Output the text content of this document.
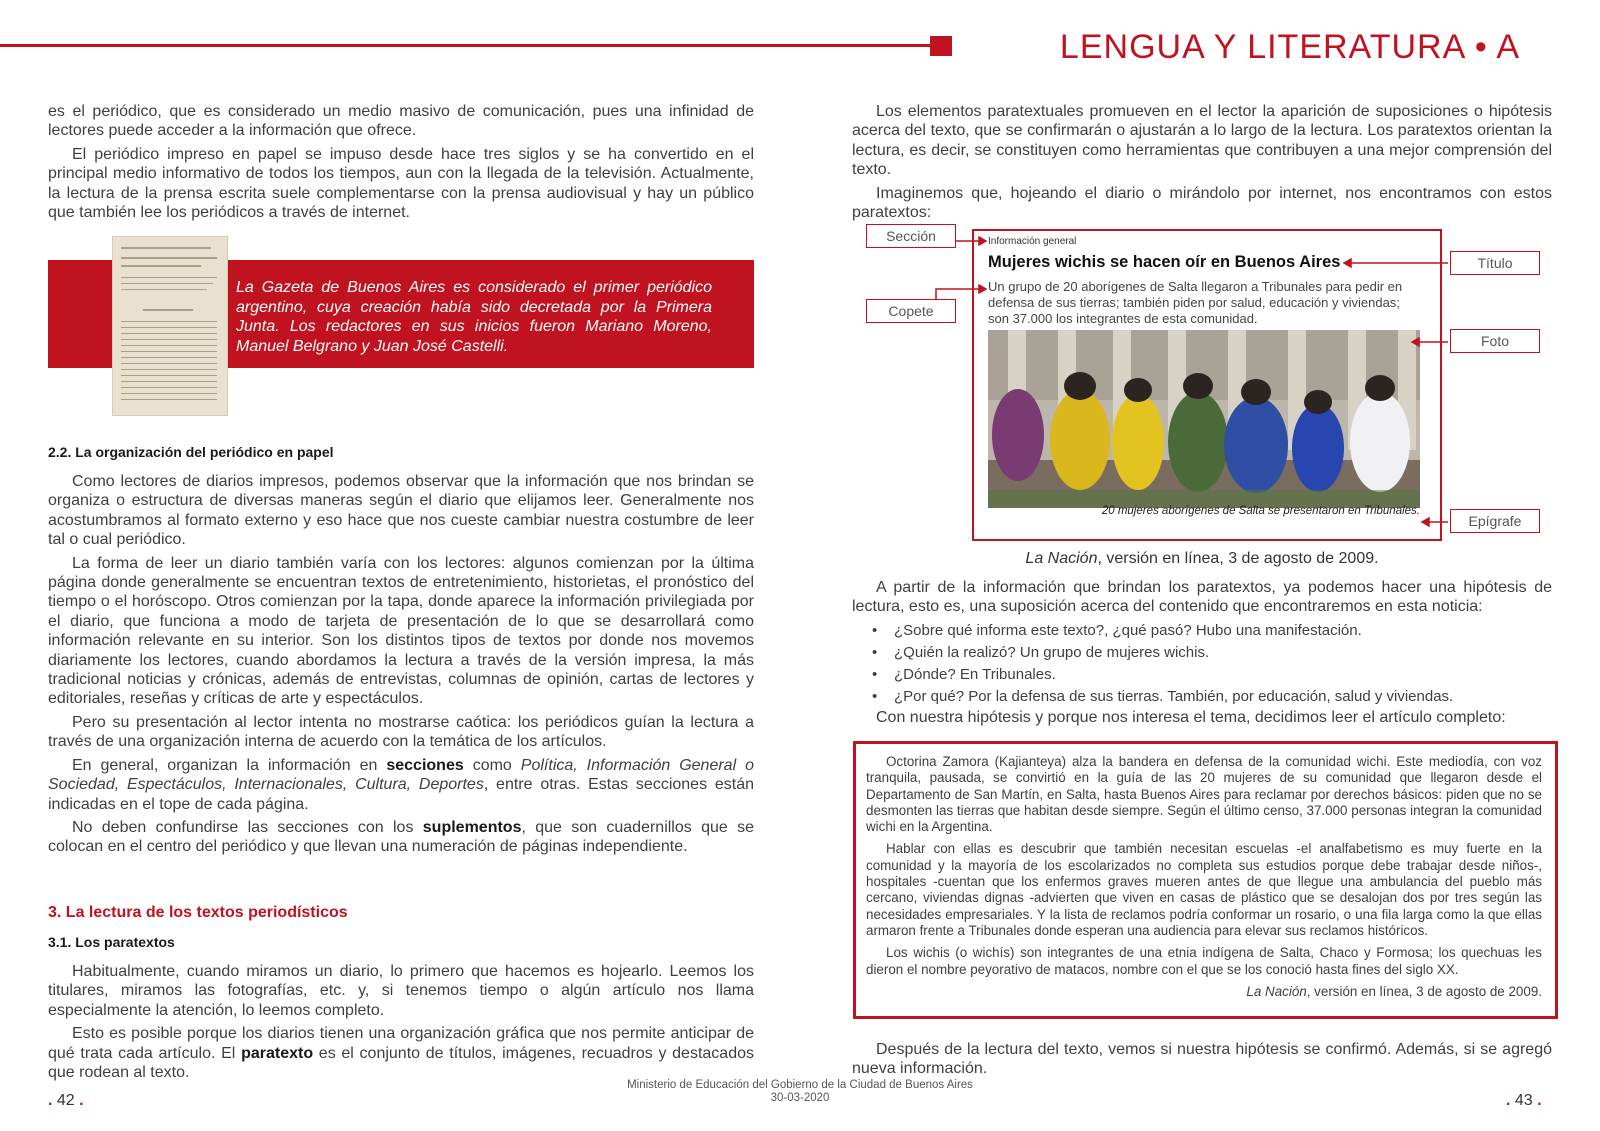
LENGUA Y LITERATURA • A

es el periódico, que es considerado un medio masivo de comunicación, pues una infinidad de lectores puede acceder a la información que ofrece.

El periódico impreso en papel se impuso desde hace tres siglos y se ha convertido en el principal medio informativo de todos los tiempos, aun con la llegada de la televisión. Actualmente, la lectura de la prensa escrita suele complementarse con la prensa audiovisual y hay un público que también lee los periódicos a través de internet.

La Gazeta de Buenos Aires es considerado el primer periódico argentino, cuya creación había sido decretada por la Primera Junta. Los redactores en sus inicios fueron Mariano Moreno, Manuel Belgrano y Juan José Castelli.
2.2. La organización del periódico en papel

Como lectores de diarios impresos, podemos observar que la información que nos brindan se organiza o estructura de diversas maneras según el diario que elijamos leer. Generalmente nos acostumbramos al formato externo y eso hace que nos cueste cambiar nuestra costumbre de leer tal o cual periódico.

La forma de leer un diario también varía con los lectores: algunos comienzan por la última página donde generalmente se encuentran textos de entretenimiento, historietas, el pronóstico del tiempo o el horóscopo. Otros comienzan por la tapa, donde aparece la información privilegiada por el diario, que funciona a modo de tarjeta de presentación de lo que se desarrollará como información relevante en su interior. Son los distintos tipos de textos por donde nos movemos diariamente los lectores, cuando abordamos la lectura a través de la versión impresa, la más tradicional noticias y crónicas, además de entrevistas, columnas de opinión, cartas de lectores y editoriales, reseñas y críticas de arte y espectáculos.

Pero su presentación al lector intenta no mostrarse caótica: los periódicos guían la lectura a través de una organización interna de acuerdo con la temática de los artículos.

En general, organizan la información en secciones como Política, Información General o Sociedad, Espectáculos, Internacionales, Cultura, Deportes, entre otras. Estas secciones están indicadas en el tope de cada página.

No deben confundirse las secciones con los suplementos, que son cuadernillos que se colocan en el centro del periódico y que llevan una numeración de páginas independiente.

3. La lectura de los textos periodísticos
3.1. Los paratextos

Habitualmente, cuando miramos un diario, lo primero que hacemos es hojearlo. Leemos los titulares, miramos las fotografías, etc. y, si tenemos tiempo o algún artículo nos llama especialmente la atención, lo leemos completo.

Esto es posible porque los diarios tienen una organización gráfica que nos permite anticipar de qué trata cada artículo. El paratexto es el conjunto de títulos, imágenes, recuadros y destacados que rodean al texto.

. 42 .

Los elementos paratextuales promueven en el lector la aparición de suposiciones o hipótesis acerca del texto, que se confirmarán o ajustarán a lo largo de la lectura. Los paratextos orientan la lectura, es decir, se constituyen como herramientas que contribuyen a una mejor comprensión del texto.

Imaginemos que, hojeando el diario o mirándolo por internet, nos encontramos con estos paratextos:

Información general
Mujeres wichis se hacen oír en Buenos Aires
Un grupo de 20 aborígenes de Salta llegaron a Tribunales para pedir en defensa de sus tierras; también piden por salud, educación y viviendas; son 37.000 los integrantes de esta comunidad.
20 mujeres aborígenes de Salta se presentaron en Tribunales.
Sección
Copete
Título
Foto
Epígrafe
La Nación, versión en línea, 3 de agosto de 2009.

A partir de la información que brindan los paratextos, ya podemos hacer una hipótesis de lectura, esto es, una suposición acerca del contenido que encontraremos en esta noticia:

• ¿Sobre qué informa este texto?, ¿qué pasó? Hubo una manifestación.
• ¿Quién la realizó? Un grupo de mujeres wichis.
• ¿Dónde? En Tribunales.
• ¿Por qué? Por la defensa de sus tierras. También, por educación, salud y viviendas.

Con nuestra hipótesis y porque nos interesa el tema, decidimos leer el artículo completo:

Octorina Zamora (Kajianteya) alza la bandera en defensa de la comunidad wichi. Este mediodía, con voz tranquila, pausada, se convirtió en la guía de las 20 mujeres de su comunidad que llegaron desde el Departamento de San Martín, en Salta, hasta Buenos Aires para reclamar por derechos básicos: piden que no se desmonten las tierras que habitan desde siempre. Según el último censo, 37.000 personas integran la comunidad wichi en la Argentina.

Hablar con ellas es descubrir que también necesitan escuelas -el analfabetismo es muy fuerte en la comunidad y la mayoría de los escolarizados no completa sus estudios porque debe trabajar desde niños-, hospitales -cuentan que los enfermos graves mueren antes de que llegue una ambulancia del pueblo más cercano, viviendas dignas -advierten que viven en casas de plástico que se desalojan dos por tres según las necesidades empresariales. Y la lista de reclamos podría conformar un rosario, o una fila larga como la que ellas armaron frente a Tribunales donde esperan una audiencia para elevar sus reclamos históricos.

Los wichis (o wichís) son integrantes de una etnia indígena de Salta, Chaco y Formosa; los quechuas les dieron el nombre peyorativo de matacos, nombre con el que se los conoció hasta fines del siglo XX.

La Nación, versión en línea, 3 de agosto de 2009.

Después de la lectura del texto, vemos si nuestra hipótesis se confirmó. Además, si se agregó nueva información.

. 43 .
Ministerio de Educación del Gobierno de la Ciudad de Buenos Aires
30-03-2020
